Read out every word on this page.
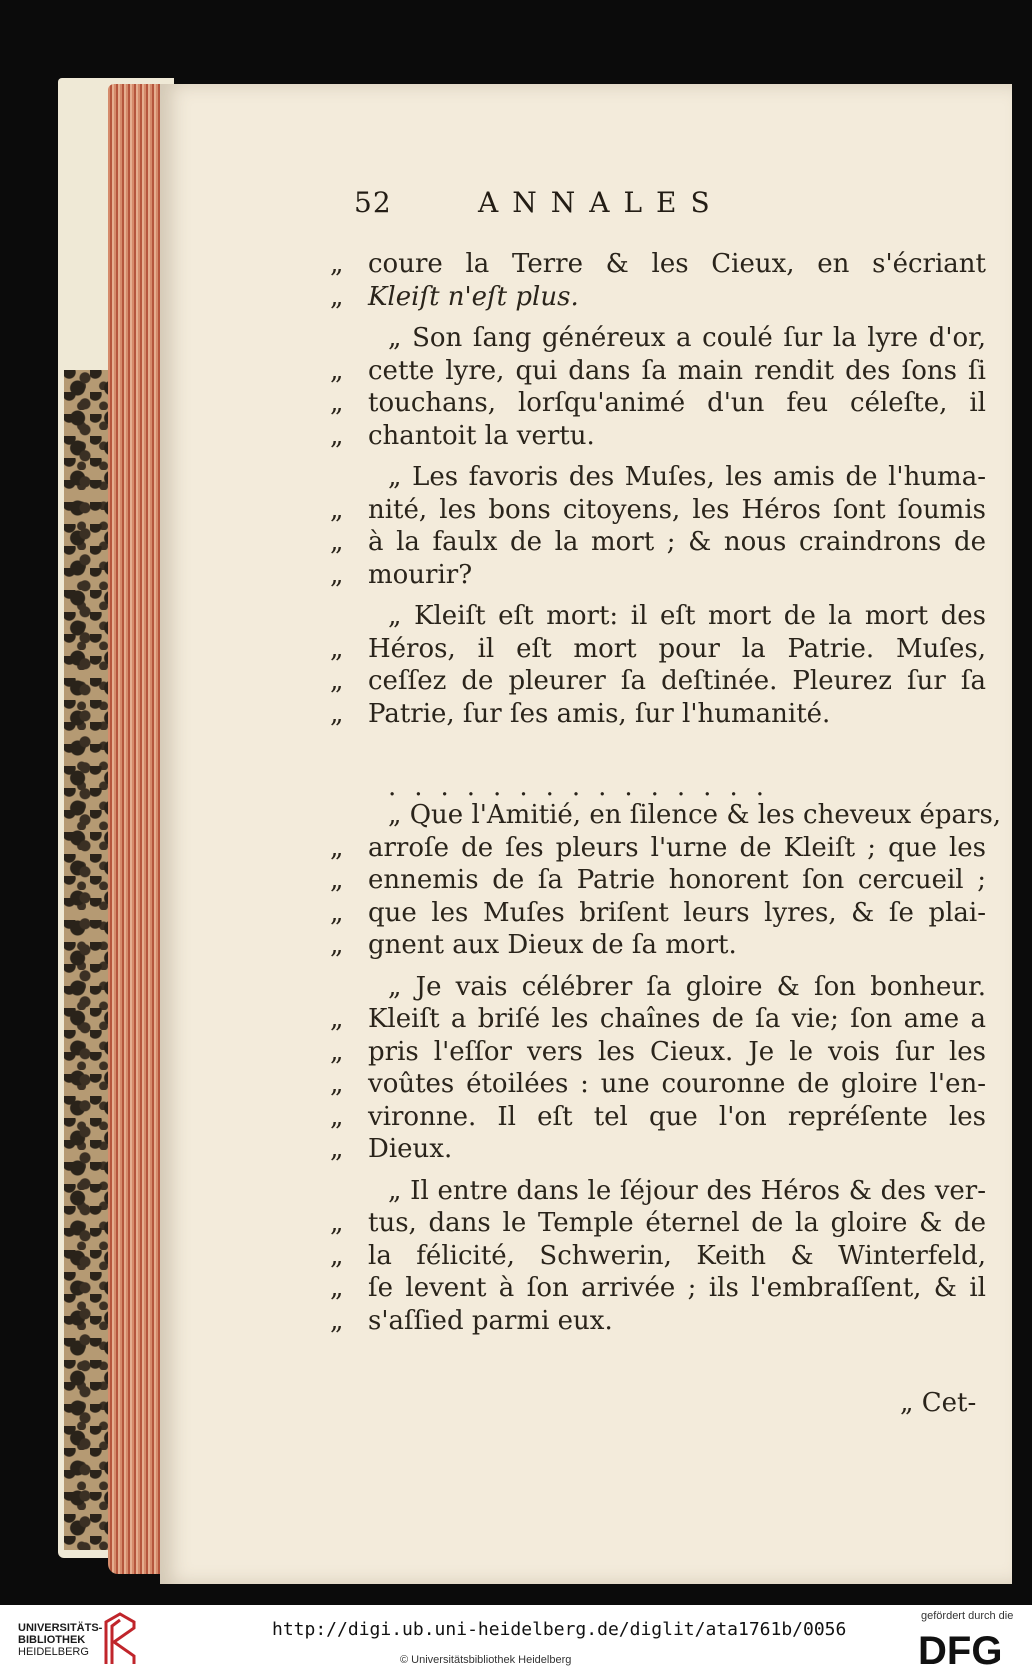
52	ANNALES
„ coure la Terre & les Cieux, en s'écriant
„ Kleiſt n'eſt plus.
„ Son ſang généreux a coulé ſur la lyre d'or,
„ cette lyre, qui dans ſa main rendit des ſons ſi
„ touchans, lorſqu'animé d'un feu céleſte, il
„ chantoit la vertu.
„ Les favoris des Muſes, les amis de l'huma-
„ nité, les bons citoyens, les Héros ſont ſoumis
„ à la faulx de la mort ; & nous craindrons de
„ mourir?
„ Kleiſt eſt mort: il eſt mort de la mort des
„ Héros, il eſt mort pour la Patrie. Muſes,
„ ceſſez de pleurer ſa deſtinée. Pleurez ſur ſa
„ Patrie, ſur ſes amis, ſur l'humanité.
„ Que l'Amitié, en ſilence & les cheveux épars,
„ arroſe de ſes pleurs l'urne de Kleiſt ; que les
„ ennemis de ſa Patrie honorent ſon cercueil ;
„ que les Muſes briſent leurs lyres, & ſe plai-
„ gnent aux Dieux de ſa mort.
„ Je vais célébrer ſa gloire & ſon bonheur.
„ Kleiſt a briſé les chaînes de ſa vie; ſon ame a
„ pris l'eſſor vers les Cieux. Je le vois ſur les
„ voûtes étoilées : une couronne de gloire l'en-
„ vironne. Il eſt tel que l'on repréſente les
„ Dieux.
„ Il entre dans le ſéjour des Héros & des ver-
„ tus, dans le Temple éternel de la gloire & de
„ la félicité, Schwerin, Keith & Winterfeld,
„ ſe levent à ſon arrivée ; ils l'embraſſent, & il
„ s'aſſied parmi eux.
...............
„ Cet-
UNIVERSITÄTS-
BIBLIOTHEK
HEIDELBERG
http://digi.ub.uni-heidelberg.de/diglit/ata1761b/0056
© Universitätsbibliothek Heidelberg
gefördert durch die
DFG
